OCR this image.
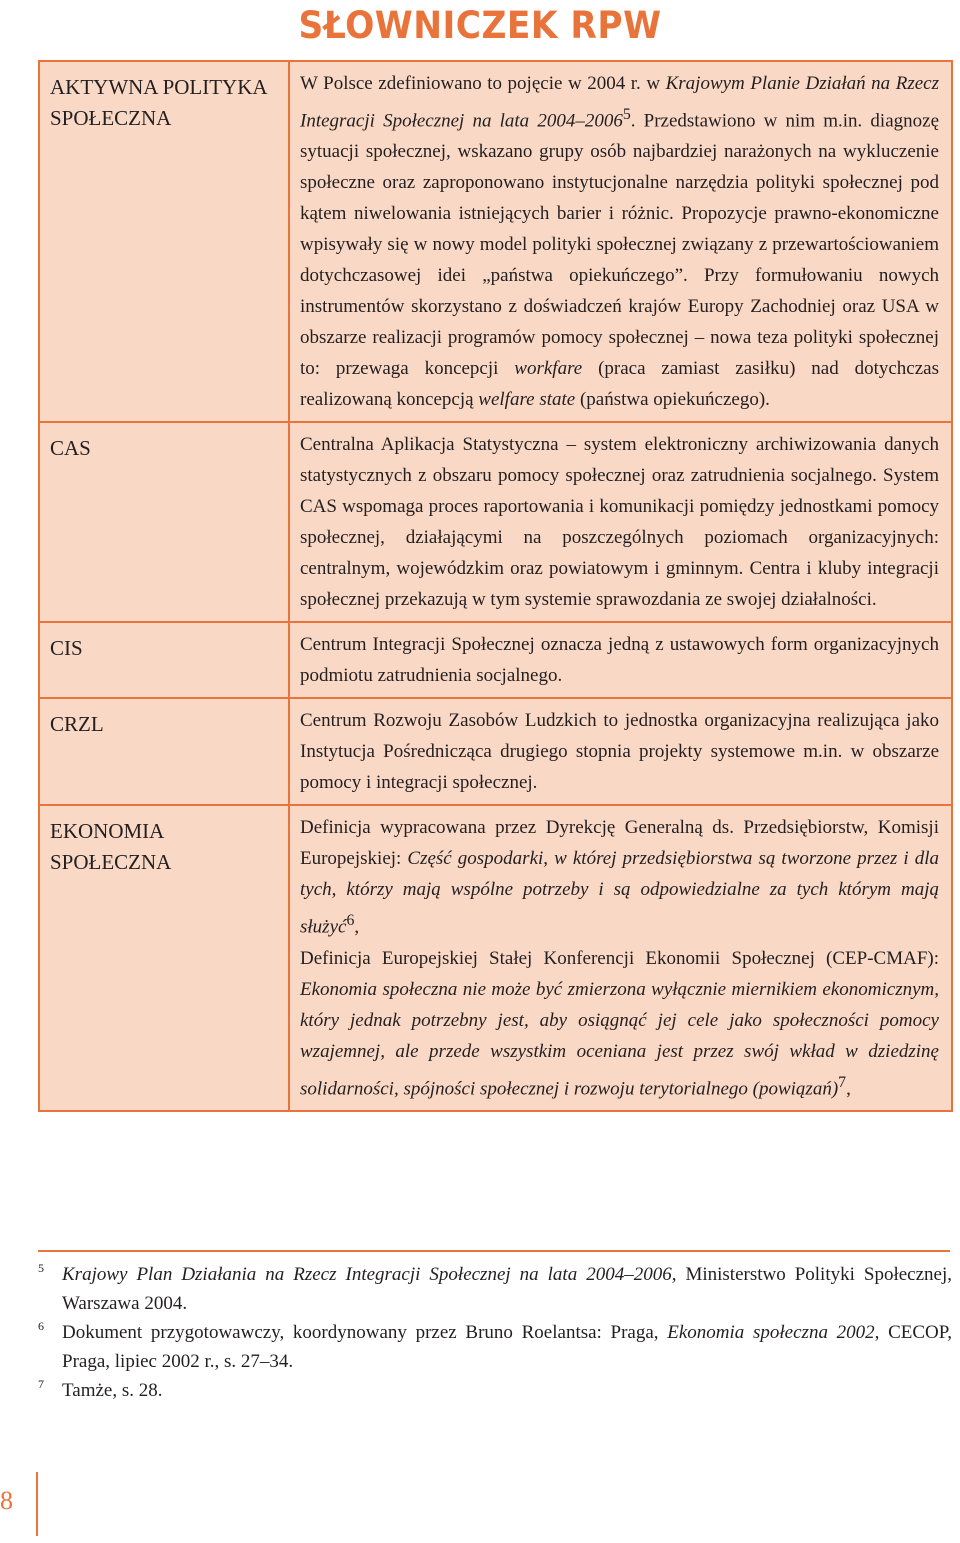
SŁOWNICZEK RPW
AKTYWNA POLITYKA SPOŁECZNA	W Polsce zdefiniowano to pojęcie w 2004 r. w Krajowym Planie Działań na Rzecz Integracji Społecznej na lata 2004–2006$^5$. Przedstawiono w nim m.in. diagnozę sytuacji społecznej, wskazano grupy osób najbardziej narażonych na wykluczenie społeczne oraz zaproponowano instytucjonalne narzędzia polityki społecznej pod kątem niwelowania istniejących barier i różnic. Propozycje prawno-ekonomiczne wpisywały się w nowy model polityki społecznej związany z przewartościowaniem dotychczasowej idei „państwa opiekuńczego”. Przy formułowaniu nowych instrumentów skorzystano z doświadczeń krajów Europy Zachodniej oraz USA w obszarze realizacji programów pomocy społecznej – nowa teza polityki społecznej to: przewaga koncepcji workfare (praca zamiast zasiłku) nad dotychczas realizowaną koncepcją welfare state (państwa opiekuńczego).
CAS	Centralna Aplikacja Statystyczna – system elektroniczny archiwizowania danych statystycznych z obszaru pomocy społecznej oraz zatrudnienia socjalnego. System CAS wspomaga proces raportowania i komunikacji pomiędzy jednostkami pomocy społecznej, działającymi na poszczególnych poziomach organizacyjnych: centralnym, wojewódzkim oraz powiatowym i gminnym. Centra i kluby integracji społecznej przekazują w tym systemie sprawozdania ze swojej działalności.
CIS	Centrum Integracji Społecznej oznacza jedną z ustawowych form organizacyjnych podmiotu zatrudnienia socjalnego.
CRZL	Centrum Rozwoju Zasobów Ludzkich to jednostka organizacyjna realizująca jako Instytucja Pośrednicząca drugiego stopnia projekty systemowe m.in. w obszarze pomocy i integracji społecznej.
EKONOMIA SPOŁECZNA	Definicja wypracowana przez Dyrekcję Generalną ds. Przedsiębiorstw, Komisji Europejskiej: Część gospodarki, w której przedsiębiorstwa są tworzone przez i dla tych, którzy mają wspólne potrzeby i są odpowiedzialne za tych którym mają służyć$^6$,

Definicja Europejskiej Stałej Konferencji Ekonomii Społecznej (CEP-CMAF): Ekonomia społeczna nie może być zmierzona wyłącznie miernikiem ekonomicznym, który jednak potrzebny jest, aby osiągnąć jej cele jako społeczności pomocy wzajemnej, ale przede wszystkim oceniana jest przez swój wkład w dziedzinę solidarności, spójności społecznej i rozwoju terytorialnego (powiązań)$^7$,

5 Krajowy Plan Działania na Rzecz Integracji Społecznej na lata 2004–2006, Ministerstwo Polityki Społecznej, Warszawa 2004.
6 Dokument przygotowawczy, koordynowany przez Bruno Roelantsa: Praga, Ekonomia społeczna 2002, CECOP, Praga, lipiec 2002 r., s. 27–34.
7 Tamże, s. 28.
8
